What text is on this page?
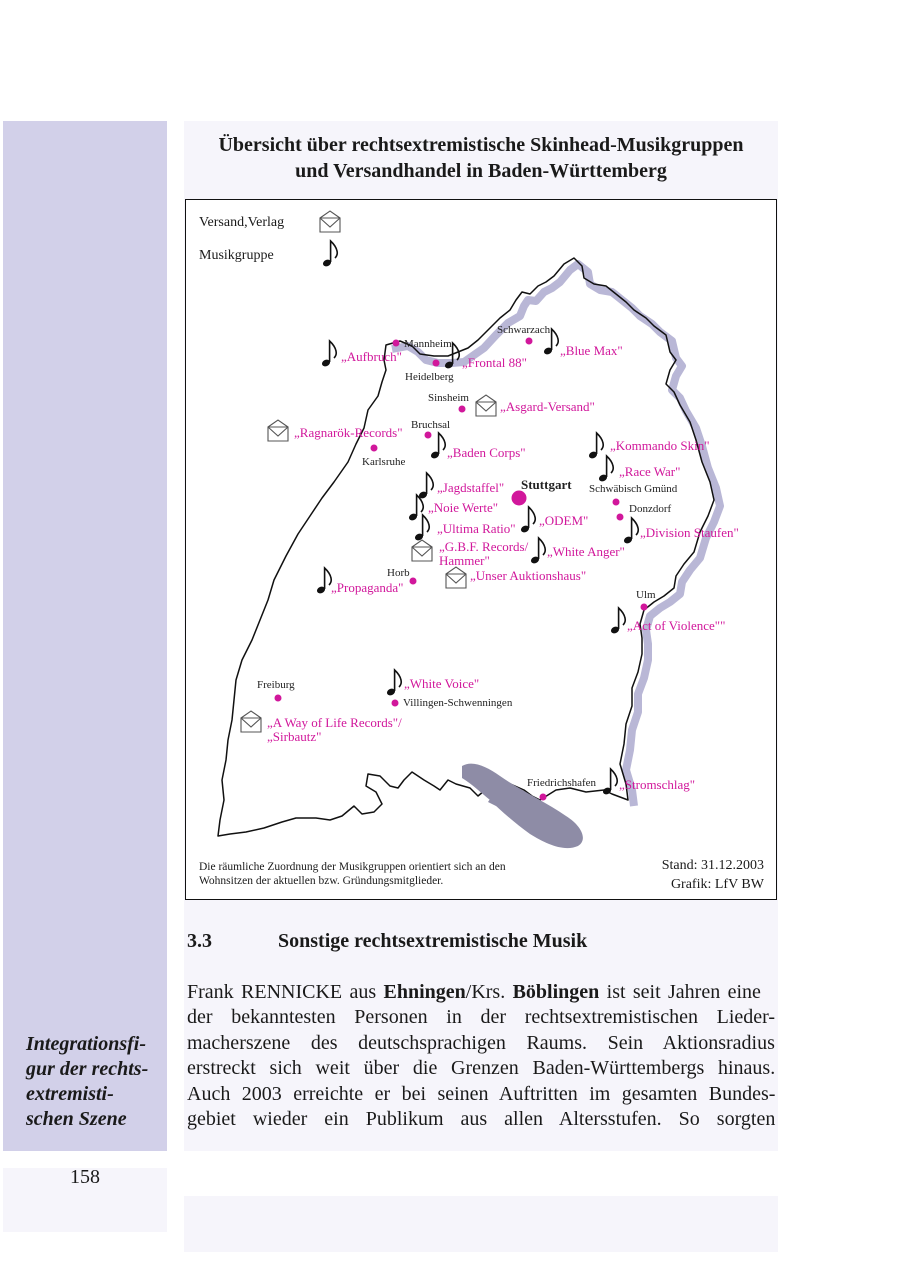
158
Integrationsfi-
gur der rechts-
extremisti-
schen Szene
Übersicht über rechtsextremistische Skinhead-Musikgruppen
und Versandhandel in Baden-Württemberg
Versand,Verlag
Musikgruppe
Mannheim
Heidelberg
Schwarzach
Sinsheim
Bruchsal
Karlsruhe
Stuttgart Schwäbisch Gmünd
Donzdorf
Horb
Ulm
Freiburg
Villingen-Schwenningen
Friedrichshafen
„Aufbruch"	„Frontal 88"
„Blue Max"
„Asgard-Versand"
„Ragnarök-Records"
„Baden Corps"	„Kommando Skin"
„Race War"
„Jagdstaffel"
„Noie Werte"
„Ultima Ratio"
„ODEM"
„Division Staufen"
„G.B.F. Records/
Hammer"
„White Anger"
„Unser Auktionshaus"
„Propaganda"
„Act of Violence""
„White Voice"
„A Way of Life Records"/
„Sirbautz"
„Stromschlag"
Die räumliche Zuordnung der Musikgruppen orientiert sich an den
Wohnsitzen der aktuellen bzw. Gründungsmitglieder.
Stand: 31.12.2003
Grafik: LfV BW
3.3	Sonstige rechtsextremistische Musik
Frank RENNICKE aus Ehningen/Krs. Böblingen ist seit Jahren eine
der bekanntesten Personen in der rechtsextremistischen Lieder-
macherszene des deutschsprachigen Raums. Sein Aktionsradius
erstreckt sich weit über die Grenzen Baden-Württembergs hinaus.
Auch 2003 erreichte er bei seinen Auftritten im gesamten Bundes-
gebiet wieder ein Publikum aus allen Altersstufen. So sorgten
